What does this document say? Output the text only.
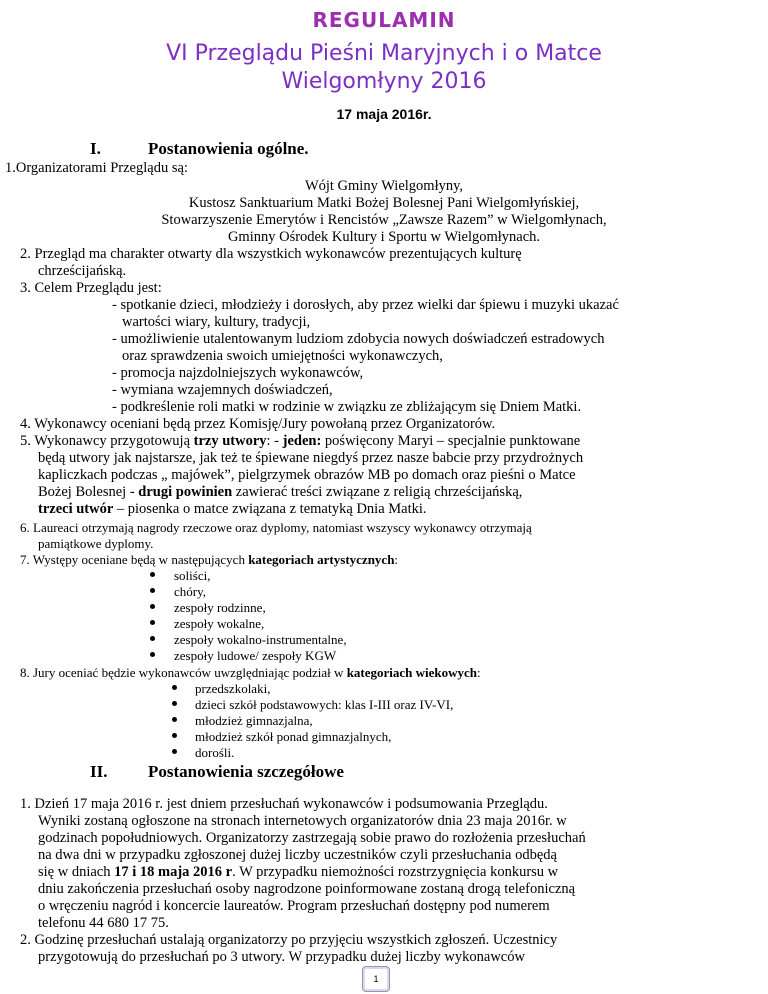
REGULAMIN
VI Przeglądu Pieśni Maryjnych i o Matce
Wielgomłyny 2016
17 maja 2016r.
I.	Postanowienia ogólne.
1.Organizatorami Przeglądu są:
Wójt Gminy Wielgomłyny,
Kustosz Sanktuarium Matki Bożej Bolesnej Pani Wielgomłyńskiej,
Stowarzyszenie Emerytów i Rencistów „Zawsze Razem” w Wielgomłynach,
Gminny Ośrodek Kultury i Sportu w Wielgomłynach.
2. Przegląd ma charakter otwarty dla wszystkich wykonawców prezentujących kulturę
chrześcijańską.
3. Celem Przeglądu jest:
- spotkanie dzieci, młodzieży i dorosłych, aby przez wielki dar śpiewu i muzyki ukazać
wartości wiary, kultury, tradycji,
- umożliwienie utalentowanym ludziom zdobycia nowych doświadczeń estradowych
oraz sprawdzenia swoich umiejętności wykonawczych,
- promocja najzdolniejszych wykonawców,
- wymiana wzajemnych doświadczeń,
- podkreślenie roli matki w rodzinie w związku ze zbliżającym się Dniem Matki.
4. Wykonawcy oceniani będą przez Komisję/Jury powołaną przez Organizatorów.
5. Wykonawcy przygotowują trzy utwory: - jeden: poświęcony Maryi – specjalnie punktowane
będą utwory jak najstarsze, jak też te śpiewane niegdyś przez nasze babcie przy przydrożnych
kapliczkach podczas „ majówek”, pielgrzymek obrazów MB po domach oraz pieśni o Matce
Bożej Bolesnej - drugi powinien zawierać treści związane z religią chrześcijańską,
trzeci utwór – piosenka o matce związana z tematyką Dnia Matki.
6. Laureaci otrzymają nagrody rzeczowe oraz dyplomy, natomiast wszyscy wykonawcy otrzymają
pamiątkowe dyplomy.
7. Występy oceniane będą w następujących kategoriach artystycznych:
soliści,
chóry,
zespoły rodzinne,
zespoły wokalne,
zespoły wokalno-instrumentalne,
zespoły ludowe/ zespoły KGW
8. Jury oceniać będzie wykonawców uwzględniając podział w kategoriach wiekowych:
przedszkolaki,
dzieci szkół podstawowych: klas I-III oraz IV-VI,
młodzież gimnazjalna,
młodzież szkół ponad gimnazjalnych,
dorośli.
II. Postanowienia szczegółowe
1. Dzień 17 maja 2016 r. jest dniem przesłuchań wykonawców i podsumowania Przeglądu.
Wyniki zostaną ogłoszone na stronach internetowych organizatorów dnia 23 maja 2016r. w
godzinach popołudniowych. Organizatorzy zastrzegają sobie prawo do rozłożenia przesłuchań
na dwa dni w przypadku zgłoszonej dużej liczby uczestników czyli przesłuchania odbędą
się w dniach 17 i 18 maja 2016 r. W przypadku niemożności rozstrzygnięcia konkursu w
dniu zakończenia przesłuchań osoby nagrodzone poinformowane zostaną drogą telefoniczną
o wręczeniu nagród i koncercie laureatów. Program przesłuchań dostępny pod numerem
telefonu 44 680 17 75.
2. Godzinę przesłuchań ustalają organizatorzy po przyjęciu wszystkich zgłoszeń. Uczestnicy
przygotowują do przesłuchań po 3 utwory. W przypadku dużej liczby wykonawców
1
